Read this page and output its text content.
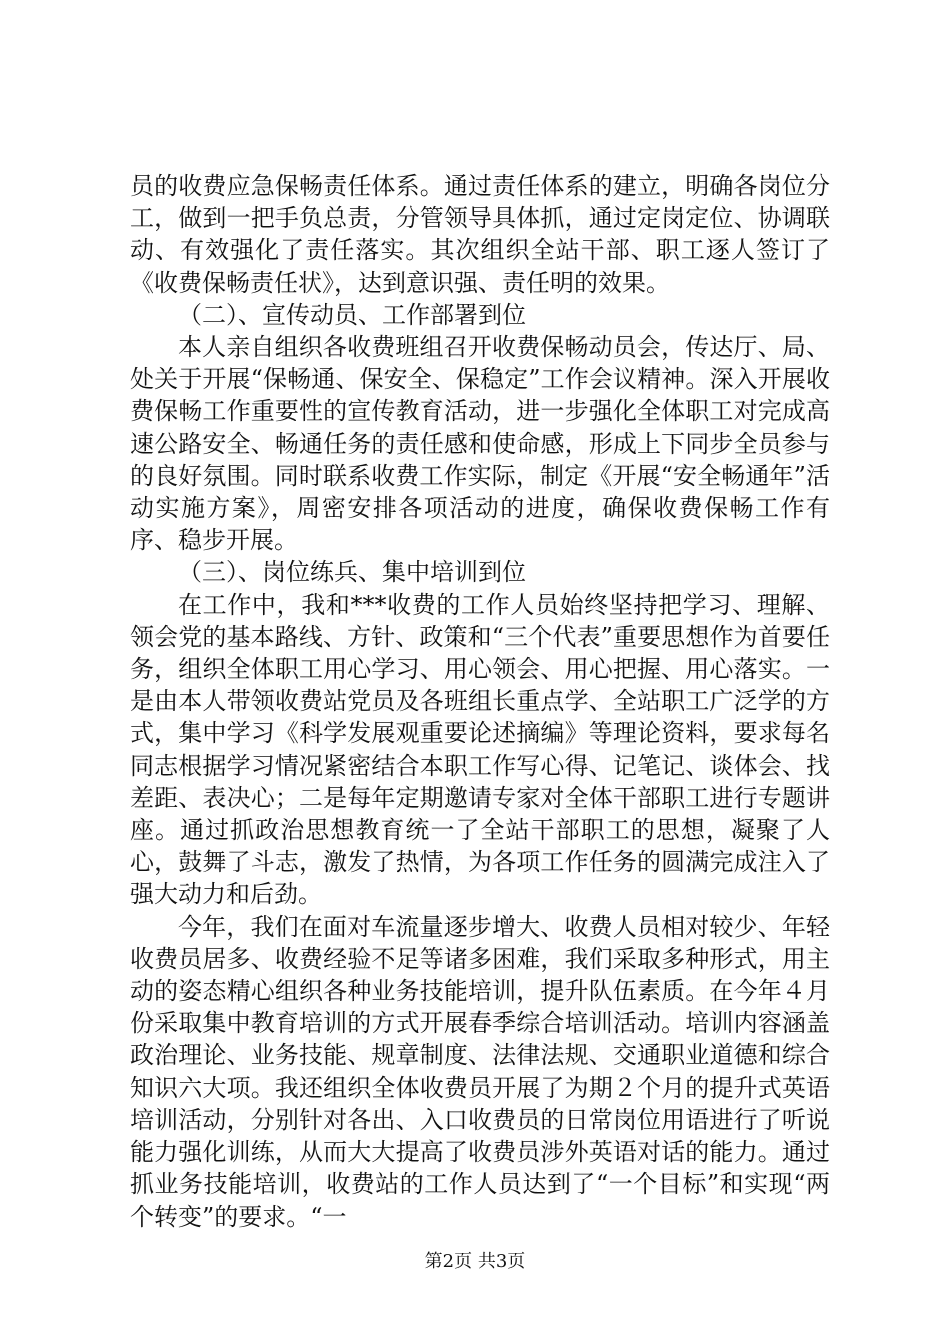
员的收费应急保畅责任体系。通过责任体系的建立，明确各岗位分工，做到一把手负总责，分管领导具体抓，通过定岗定位、协调联动、有效强化了责任落实。其次组织全站干部、职工逐人签订了《收费保畅责任状》，达到意识强、责任明的效果。

（二）、宣传动员、工作部署到位

本人亲自组织各收费班组召开收费保畅动员会，传达厅、局、处关于开展“保畅通、保安全、保稳定”工作会议精神。深入开展收费保畅工作重要性的宣传教育活动，进一步强化全体职工对完成高速公路安全、畅通任务的责任感和使命感，形成上下同步全员参与的良好氛围。同时联系收费工作实际，制定《开展“安全畅通年”活动实施方案》，周密安排各项活动的进度，确保收费保畅工作有序、稳步开展。

（三）、岗位练兵、集中培训到位

在工作中，我和***收费的工作人员始终坚持把学习、理解、领会党的基本路线、方针、政策和“三个代表”重要思想作为首要任务，组织全体职工用心学习、用心领会、用心把握、用心落实。一是由本人带领收费站党员及各班组长重点学、全站职工广泛学的方式，集中学习《科学发展观重要论述摘编》等理论资料，要求每名同志根据学习情况紧密结合本职工作写心得、记笔记、谈体会、找差距、表决心；二是每年定期邀请专家对全体干部职工进行专题讲座。通过抓政治思想教育统一了全站干部职工的思想，凝聚了人心，鼓舞了斗志，激发了热情，为各项工作任务的圆满完成注入了强大动力和后劲。

今年，我们在面对车流量逐步增大、收费人员相对较少、年轻收费员居多、收费经验不足等诸多困难，我们采取多种形式，用主动的姿态精心组织各种业务技能培训，提升队伍素质。在今年４月份采取集中教育培训的方式开展春季综合培训活动。培训内容涵盖政治理论、业务技能、规章制度、法律法规、交通职业道德和综合知识六大项。我还组织全体收费员开展了为期２个月的提升式英语培训活动，分别针对各出、入口收费员的日常岗位用语进行了听说能力强化训练，从而大大提高了收费员涉外英语对话的能力。通过抓业务技能培训，收费站的工作人员达到了“一个目标”和实现“两个转变”的要求。“一

第2页 共3页
